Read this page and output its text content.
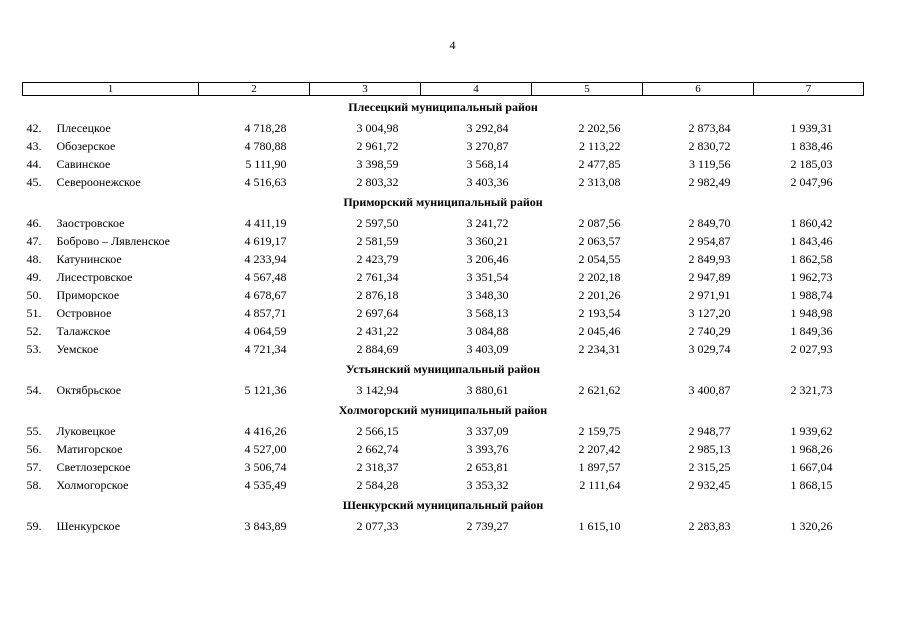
4
1	2	3	4	5	6	7
Плесецкий муниципальный район						
42. Плесецкое	4 718,28	3 004,98	3 292,84	2 202,56	2 873,84	1 939,31
43. Обозерское	4 780,88	2 961,72	3 270,87	2 113,22	2 830,72	1 838,46
44. Савинское	5 111,90	3 398,59	3 568,14	2 477,85	3 119,56	2 185,03
45. Североонежское	4 516,63	2 803,32	3 403,36	2 313,08	2 982,49	2 047,96
Приморский муниципальный район						
46. Заостровское	4 411,19	2 597,50	3 241,72	2 087,56	2 849,70	1 860,42
47. Боброво – Лявленское	4 619,17	2 581,59	3 360,21	2 063,57	2 954,87	1 843,46
48. Катунинское	4 233,94	2 423,79	3 206,46	2 054,55	2 849,93	1 862,58
49. Лисестровское	4 567,48	2 761,34	3 351,54	2 202,18	2 947,89	1 962,73
50. Приморское	4 678,67	2 876,18	3 348,30	2 201,26	2 971,91	1 988,74
51. Островное	4 857,71	2 697,64	3 568,13	2 193,54	3 127,20	1 948,98
52. Талажское	4 064,59	2 431,22	3 084,88	2 045,46	2 740,29	1 849,36
53. Уемское	4 721,34	2 884,69	3 403,09	2 234,31	3 029,74	2 027,93
Устьянский муниципальный район						
54. Октябрьское	5 121,36	3 142,94	3 880,61	2 621,62	3 400,87	2 321,73
Холмогорский муниципальный район						
55. Луковецкое	4 416,26	2 566,15	3 337,09	2 159,75	2 948,77	1 939,62
56. Матигорское	4 527,00	2 662,74	3 393,76	2 207,42	2 985,13	1 968,26
57. Светлозерское	3 506,74	2 318,37	2 653,81	1 897,57	2 315,25	1 667,04
58. Холмогорское	4 535,49	2 584,28	3 353,32	2 111,64	2 932,45	1 868,15
Шенкурский муниципальный район						
59. Шенкурское	3 843,89	2 077,33	2 739,27	1 615,10	2 283,83	1 320,26
